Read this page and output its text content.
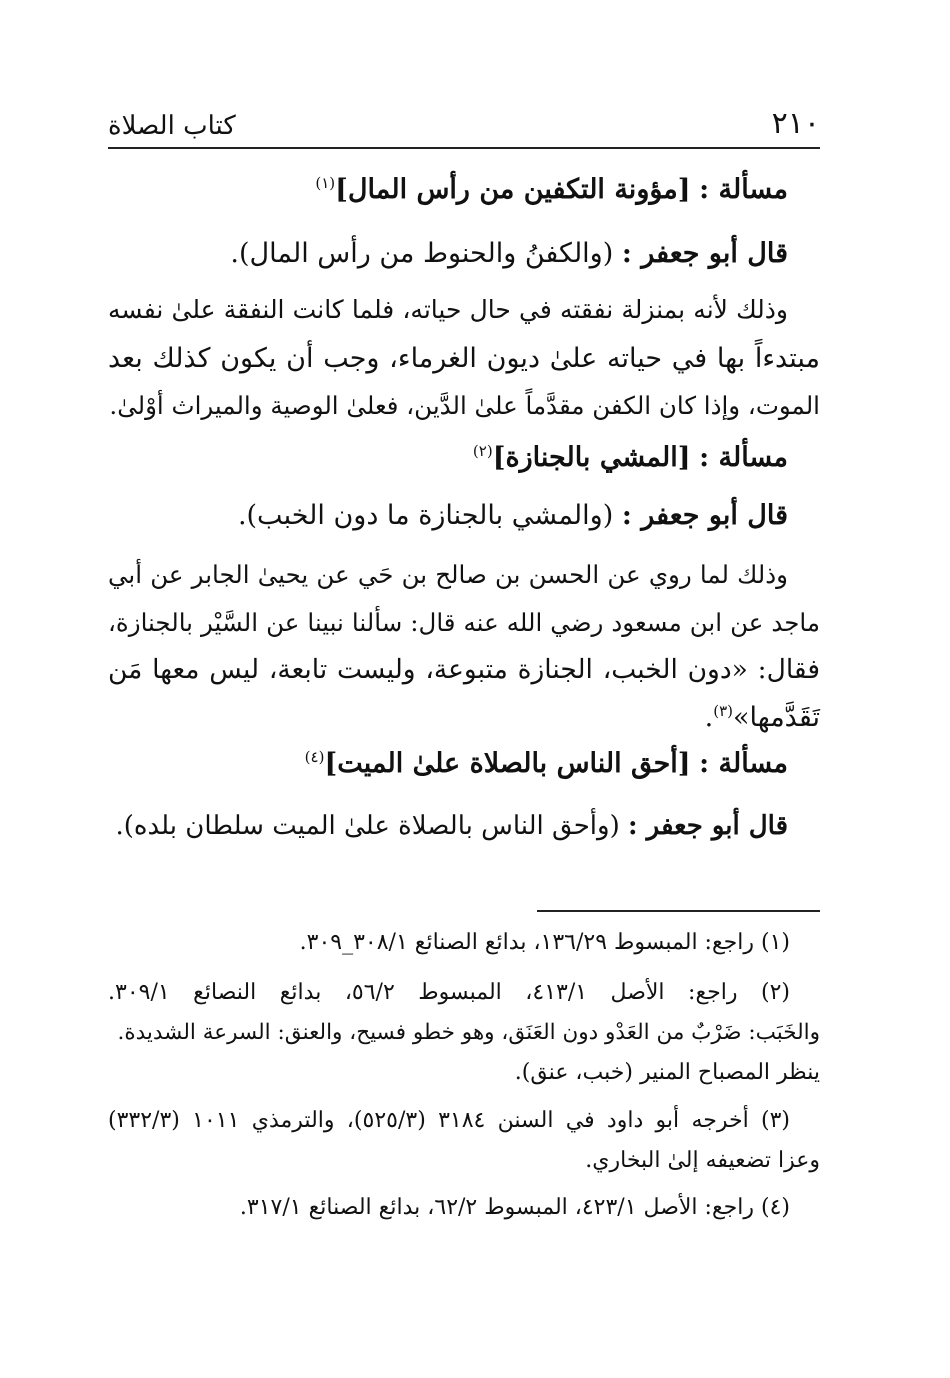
٢١٠
كتاب الصلاة
مسألة : [مؤونة التكفين من رأس المال]$^{(١)}$
قال أبو جعفر : (والكفنُ والحنوط من رأس المال).
وذلك لأنه بمنزلة نفقته في حال حياته، فلما كانت النفقة علىٰ نفسه
مبتدءاً بها في حياته علىٰ ديون الغرماء، وجب أن يكون كذلك بعد
الموت، وإذا كان الكفن مقدَّماً علىٰ الدَّين، فعلىٰ الوصية والميراث أوْلىٰ.
مسألة : [المشي بالجنازة]$^{(٢)}$
قال أبو جعفر : (والمشي بالجنازة ما دون الخبب).
وذلك لما روي عن الحسن بن صالح بن حَي عن يحيىٰ الجابر عن أبي
ماجد عن ابن مسعود رضي الله عنه قال: سألنا نبينا عن السَّيْر بالجنازة،
فقال: «دون الخبب، الجنازة متبوعة، وليست تابعة، ليس معها مَن
تَقَدَّمها»$^{(٣)}$.
مسألة : [أحق الناس بالصلاة علىٰ الميت]$^{(٤)}$
قال أبو جعفر : (وأحق الناس بالصلاة علىٰ الميت سلطان بلده).
(١) راجع: المبسوط ١٣٦/٢٩، بدائع الصنائع ٣٠٨/١_٣٠٩.
(٢) راجع: الأصل ٤١٣/١، المبسوط ٥٦/٢، بدائع النصائع ٣٠٩/١.
والخَبَب: ضَرْبٌ من العَدْو دون العَنَق، وهو خطو فسيح، والعنق: السرعة الشديدة.
ينظر المصباح المنير (خبب، عنق).
(٣) أخرجه أبو داود في السنن ٣١٨٤ (٥٢٥/٣)، والترمذي ١٠١١ (٣٣٢/٣)
وعزا تضعيفه إلىٰ البخاري.
(٤) راجع: الأصل ٤٢٣/١، المبسوط ٦٢/٢، بدائع الصنائع ٣١٧/١.
